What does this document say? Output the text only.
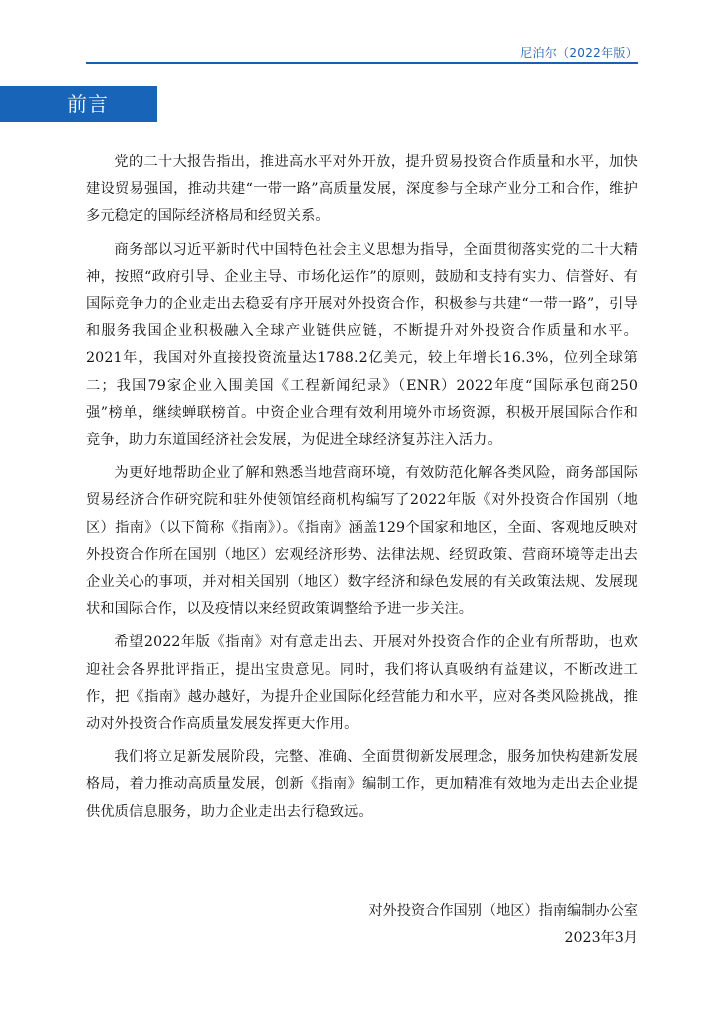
尼泊尔（2022年版）
前言

党的二十大报告指出，推进高水平对外开放，提升贸易投资合作质量和水平，加快建设贸易强国，推动共建“一带一路”高质量发展，深度参与全球产业分工和合作，维护多元稳定的国际经济格局和经贸关系。

商务部以习近平新时代中国特色社会主义思想为指导，全面贯彻落实党的二十大精神，按照“政府引导、企业主导、市场化运作”的原则，鼓励和支持有实力、信誉好、有国际竞争力的企业走出去稳妥有序开展对外投资合作，积极参与共建“一带一路”，引导和服务我国企业积极融入全球产业链供应链，不断提升对外投资合作质量和水平。2021年，我国对外直接投资流量达1788.2亿美元，较上年增长16.3%，位列全球第二；我国79家企业入围美国《工程新闻纪录》（ENR）2022年度“国际承包商250强”榜单，继续蝉联榜首。中资企业合理有效利用境外市场资源，积极开展国际合作和竞争，助力东道国经济社会发展，为促进全球经济复苏注入活力。

为更好地帮助企业了解和熟悉当地营商环境，有效防范化解各类风险，商务部国际贸易经济合作研究院和驻外使领馆经商机构编写了2022年版《对外投资合作国别（地区）指南》（以下简称《指南》）。《指南》涵盖129个国家和地区，全面、客观地反映对外投资合作所在国别（地区）宏观经济形势、法律法规、经贸政策、营商环境等走出去企业关心的事项，并对相关国别（地区）数字经济和绿色发展的有关政策法规、发展现状和国际合作，以及疫情以来经贸政策调整给予进一步关注。

希望2022年版《指南》对有意走出去、开展对外投资合作的企业有所帮助，也欢迎社会各界批评指正，提出宝贵意见。同时，我们将认真吸纳有益建议，不断改进工作，把《指南》越办越好，为提升企业国际化经营能力和水平，应对各类风险挑战，推动对外投资合作高质量发展发挥更大作用。

我们将立足新发展阶段，完整、准确、全面贯彻新发展理念，服务加快构建新发展格局，着力推动高质量发展，创新《指南》编制工作，更加精准有效地为走出去企业提供优质信息服务，助力企业走出去行稳致远。

对外投资合作国别（地区）指南编制办公室
2023年3月
